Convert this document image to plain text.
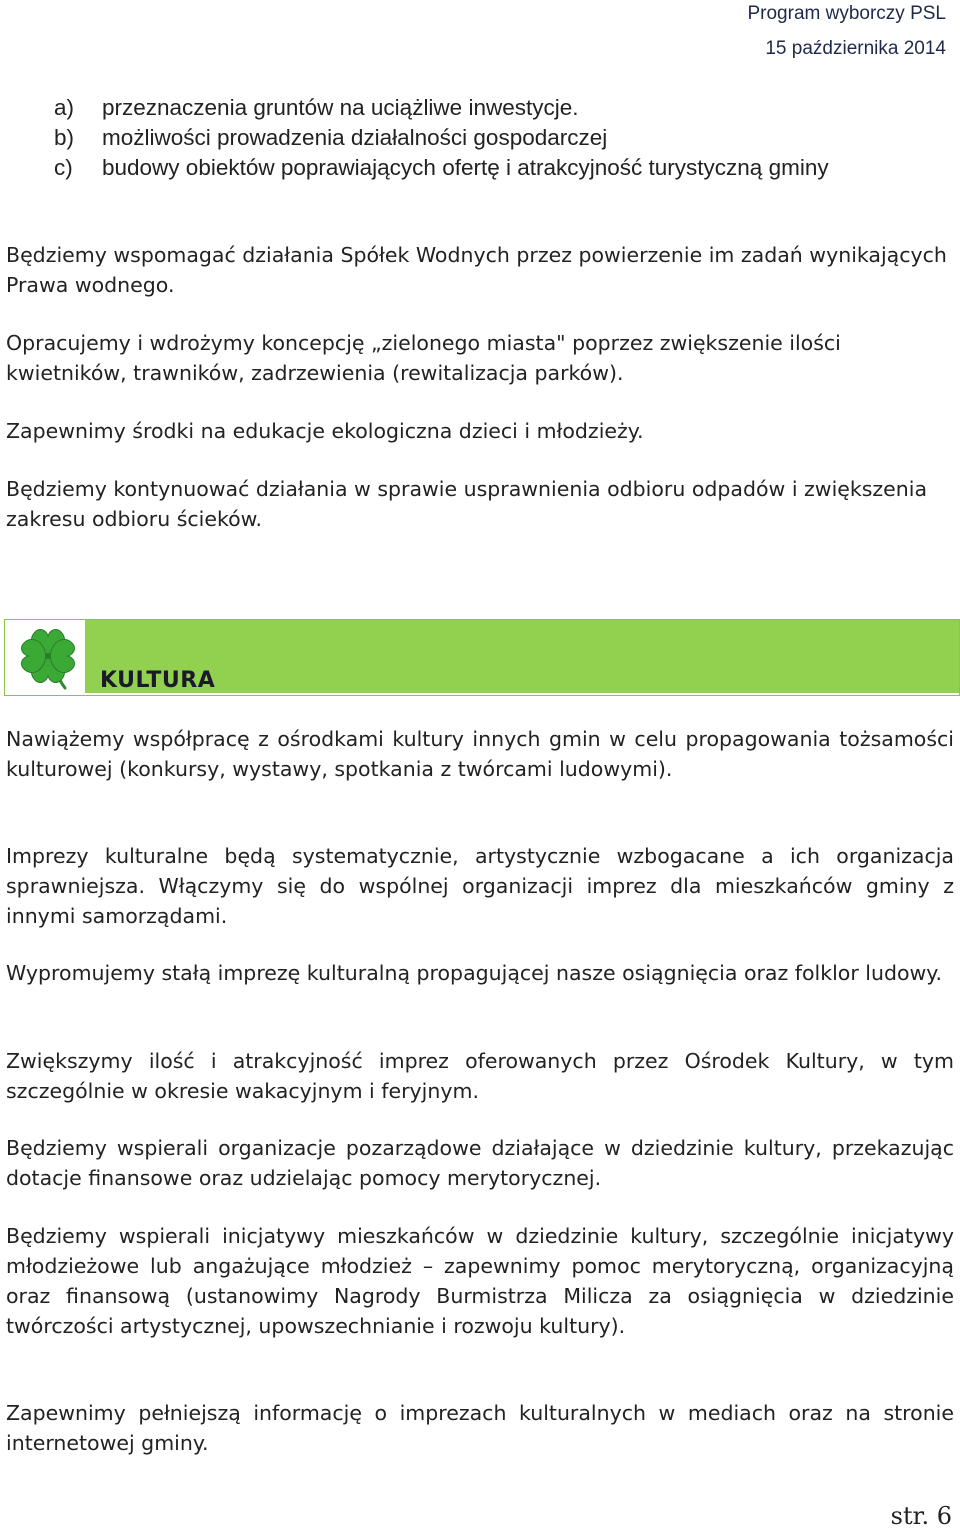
Program wyborczy PSL
15 października 2014
a)	przeznaczenia gruntów na uciążliwe inwestycje.
b)	możliwości prowadzenia działalności gospodarczej
c)	budowy obiektów poprawiających ofertę i atrakcyjność turystyczną gminy

Będziemy wspomagać działania Spółek Wodnych przez powierzenie im zadań wynikających Prawa wodnego.

Opracujemy i wdrożymy koncepcję „zielonego miasta" poprzez zwiększenie ilości kwietników, trawników, zadrzewienia (rewitalizacja parków).

Zapewnimy środki na edukacje ekologiczna dzieci i młodzieży.

Będziemy kontynuować działania w sprawie usprawnienia odbioru odpadów i zwiększenia zakresu odbioru ścieków.

KULTURA

Nawiążemy współpracę z ośrodkami kultury innych gmin w celu propagowania tożsamości kulturowej (konkursy, wystawy, spotkania z twórcami ludowymi).

Imprezy kulturalne będą systematycznie, artystycznie wzbogacane a ich organizacja sprawniejsza. Włączymy się do wspólnej organizacji imprez dla mieszkańców gminy z innymi samorządami.

Wypromujemy stałą imprezę kulturalną propagującej nasze osiągnięcia oraz folklor ludowy.

Zwiększymy ilość i atrakcyjność imprez oferowanych przez Ośrodek Kultury, w tym szczególnie w okresie wakacyjnym i feryjnym.

Będziemy wspierali organizacje pozarządowe działające w dziedzinie kultury, przekazując dotacje finansowe oraz udzielając pomocy merytorycznej.

Będziemy wspierali inicjatywy mieszkańców w dziedzinie kultury, szczególnie inicjatywy młodzieżowe lub angażujące młodzież – zapewnimy pomoc merytoryczną, organizacyjną oraz finansową (ustanowimy Nagrody Burmistrza Milicza za osiągnięcia w dziedzinie twórczości artystycznej, upowszechnianie i rozwoju kultury).

Zapewnimy pełniejszą informację o imprezach kulturalnych w mediach oraz na stronie internetowej gminy.

str. 6
